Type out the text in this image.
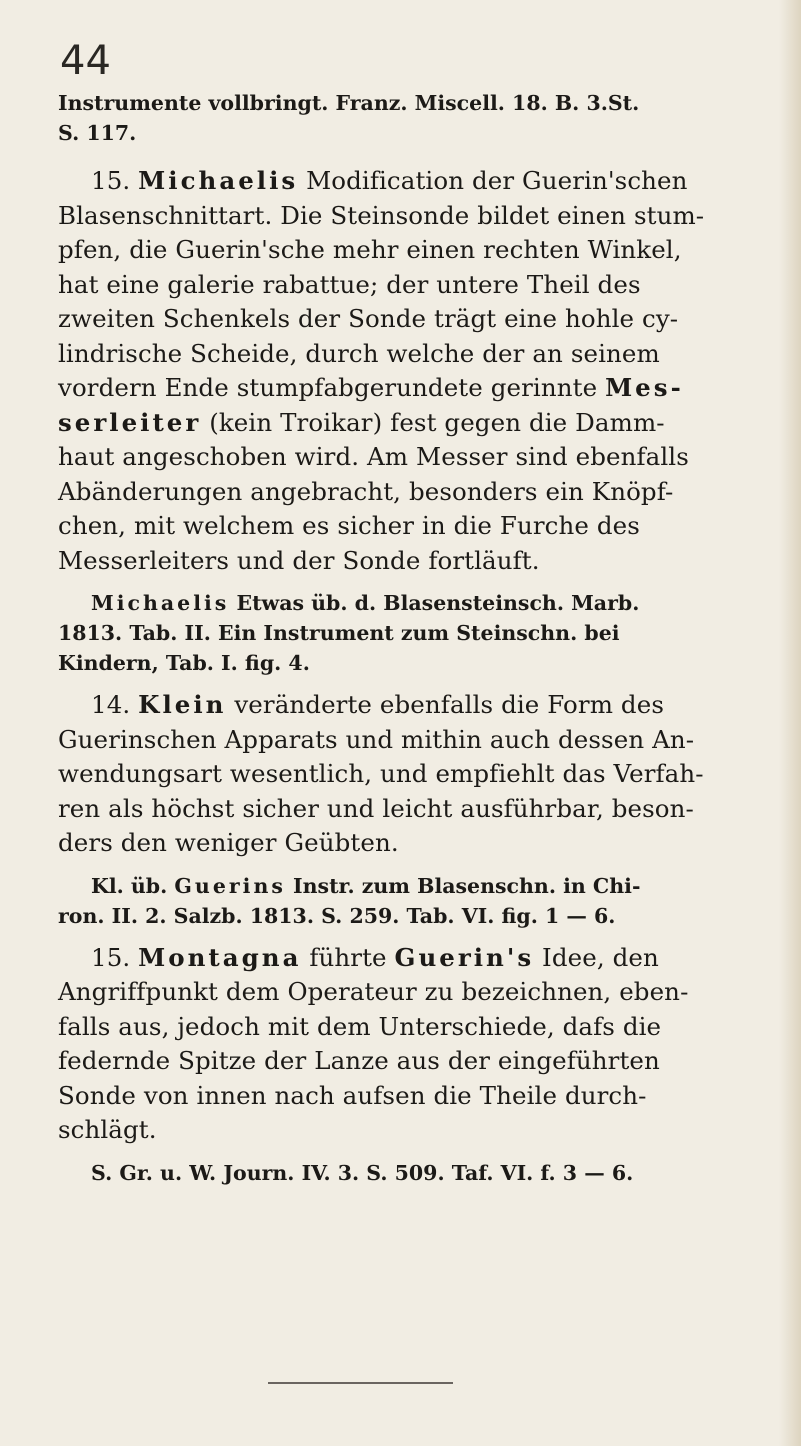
44
Instrumente vollbringt. Franz. Miscell. 18. B. 3.St.
S. 117.
15. Michaelis Modification der Guerin'schen
Blasenschnittart. Die Steinsonde bildet einen stum-
pfen, die Guerin'sche mehr einen rechten Winkel,
hat eine galerie rabattue; der untere Theil des
zweiten Schenkels der Sonde trägt eine hohle cy-
lindrische Scheide, durch welche der an seinem
vordern Ende stumpfabgerundete gerinnte Mes-
serleiter (kein Troikar) fest gegen die Damm-
haut angeschoben wird. Am Messer sind ebenfalls
Abänderungen angebracht, besonders ein Knöpf-
chen, mit welchem es sicher in die Furche des
Messerleiters und der Sonde fortläuft.
Michaelis Etwas üb. d. Blasensteinsch. Marb.
1813. Tab. II. Ein Instrument zum Steinschn. bei
Kindern, Tab. I. fig. 4.
14. Klein veränderte ebenfalls die Form des
Guerinschen Apparats und mithin auch dessen An-
wendungsart wesentlich, und empfiehlt das Verfah-
ren als höchst sicher und leicht ausführbar, beson-
ders den weniger Geübten.
Kl. üb. Guerins Instr. zum Blasenschn. in Chi-
ron. II. 2. Salzb. 1813. S. 259. Tab. VI. fig. 1 — 6.
15. Montagna führte Guerin's Idee, den
Angriffpunkt dem Operateur zu bezeichnen, eben-
falls aus, jedoch mit dem Unterschiede, dafs die
federnde Spitze der Lanze aus der eingeführten
Sonde von innen nach aufsen die Theile durch-
schlägt.
S. Gr. u. W. Journ. IV. 3. S. 509. Taf. VI. f. 3 — 6.
